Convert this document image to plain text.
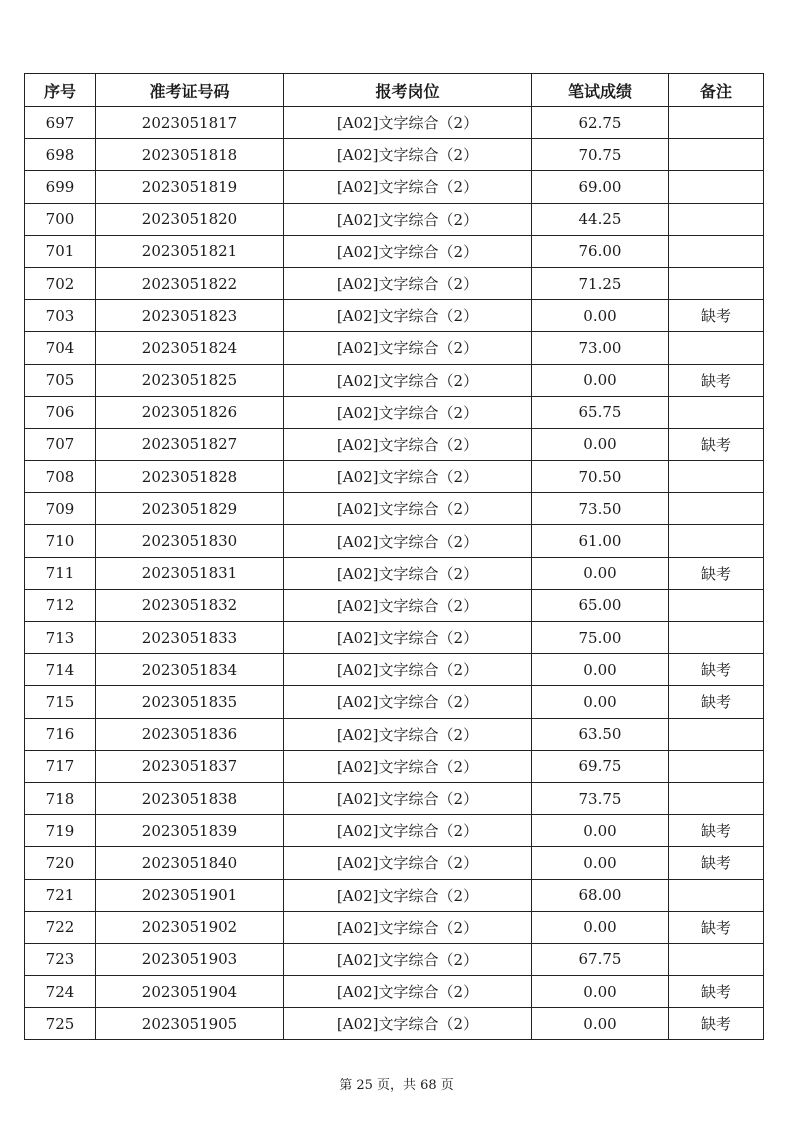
序号	准考证号码	报考岗位	笔试成绩	备注
697	2023051817	[A02]文字综合（2）	62.75	
698	2023051818	[A02]文字综合（2）	70.75	
699	2023051819	[A02]文字综合（2）	69.00	
700	2023051820	[A02]文字综合（2）	44.25	
701	2023051821	[A02]文字综合（2）	76.00	
702	2023051822	[A02]文字综合（2）	71.25	
703	2023051823	[A02]文字综合（2）	0.00	缺考
704	2023051824	[A02]文字综合（2）	73.00	
705	2023051825	[A02]文字综合（2）	0.00	缺考
706	2023051826	[A02]文字综合（2）	65.75	
707	2023051827	[A02]文字综合（2）	0.00	缺考
708	2023051828	[A02]文字综合（2）	70.50	
709	2023051829	[A02]文字综合（2）	73.50	
710	2023051830	[A02]文字综合（2）	61.00	
711	2023051831	[A02]文字综合（2）	0.00	缺考
712	2023051832	[A02]文字综合（2）	65.00	
713	2023051833	[A02]文字综合（2）	75.00	
714	2023051834	[A02]文字综合（2）	0.00	缺考
715	2023051835	[A02]文字综合（2）	0.00	缺考
716	2023051836	[A02]文字综合（2）	63.50	
717	2023051837	[A02]文字综合（2）	69.75	
718	2023051838	[A02]文字综合（2）	73.75	
719	2023051839	[A02]文字综合（2）	0.00	缺考
720	2023051840	[A02]文字综合（2）	0.00	缺考
721	2023051901	[A02]文字综合（2）	68.00	
722	2023051902	[A02]文字综合（2）	0.00	缺考
723	2023051903	[A02]文字综合（2）	67.75	
724	2023051904	[A02]文字综合（2）	0.00	缺考
725	2023051905	[A02]文字综合（2）	0.00	缺考
第 25 页，共 68 页
